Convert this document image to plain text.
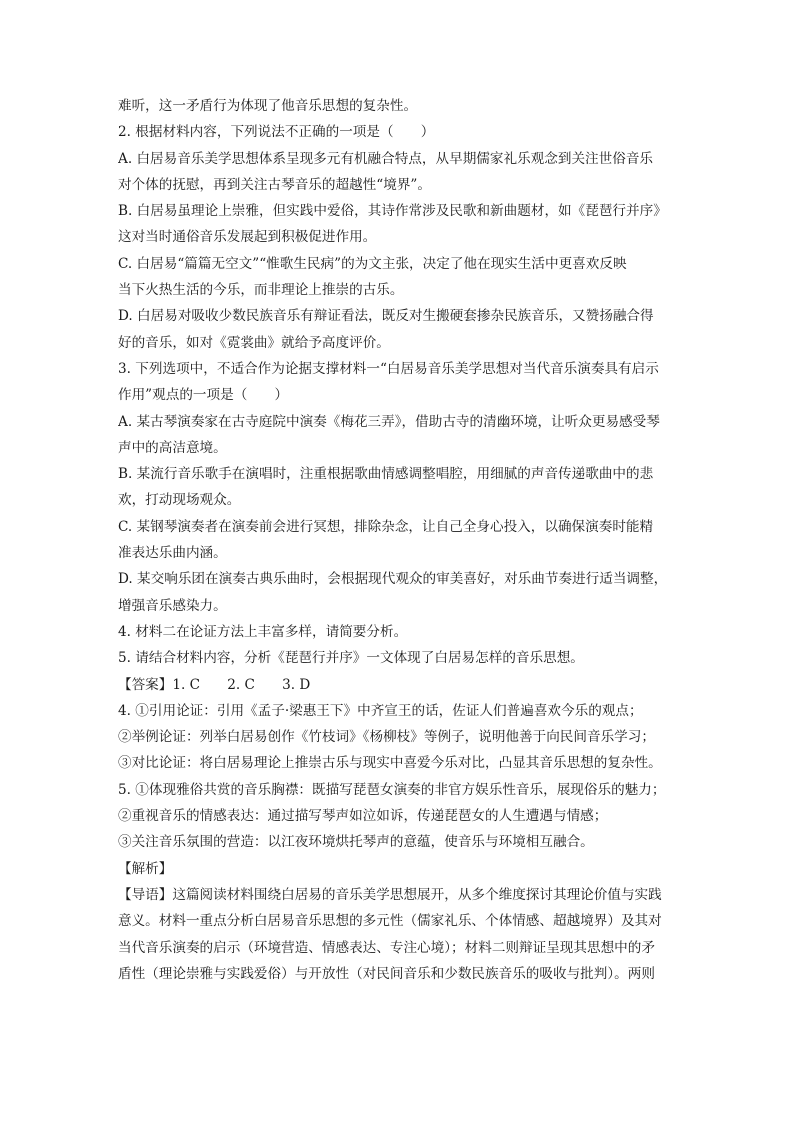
难听，这一矛盾行为体现了他音乐思想的复杂性。
2. 根据材料内容，下列说法不正确的一项是（　　）
A. 白居易音乐美学思想体系呈现多元有机融合特点，从早期儒家礼乐观念到关注世俗音乐
对个体的抚慰，再到关注古琴音乐的超越性“境界”。
B. 白居易虽理论上崇雅，但实践中爱俗，其诗作常涉及民歌和新曲题材，如《琵琶行并序》
这对当时通俗音乐发展起到积极促进作用。
C. 白居易“篇篇无空文”“惟歌生民病”的为文主张，决定了他在现实生活中更喜欢反映
当下火热生活的今乐，而非理论上推崇的古乐。
D. 白居易对吸收少数民族音乐有辩证看法，既反对生搬硬套掺杂民族音乐，又赞扬融合得
好的音乐，如对《霓裳曲》就给予高度评价。
3. 下列选项中，不适合作为论据支撑材料一“白居易音乐美学思想对当代音乐演奏具有启示
作用”观点的一项是（　　）
A. 某古琴演奏家在古寺庭院中演奏《梅花三弄》，借助古寺的清幽环境，让听众更易感受琴
声中的高洁意境。
B. 某流行音乐歌手在演唱时，注重根据歌曲情感调整唱腔，用细腻的声音传递歌曲中的悲
欢，打动现场观众。
C. 某钢琴演奏者在演奏前会进行冥想，排除杂念，让自己全身心投入，以确保演奏时能精
准表达乐曲内涵。
D. 某交响乐团在演奏古典乐曲时，会根据现代观众的审美喜好，对乐曲节奏进行适当调整，
增强音乐感染力。
4. 材料二在论证方法上丰富多样，请简要分析。
5. 请结合材料内容，分析《琵琶行并序》一文体现了白居易怎样的音乐思想。
【答案】1. C　　2. C　　3. D
4. ①引用论证：引用《孟子·梁惠王下》中齐宣王的话，佐证人们普遍喜欢今乐的观点；
②举例论证：列举白居易创作《竹枝词》《杨柳枝》等例子，说明他善于向民间音乐学习；
③对比论证：将白居易理论上推崇古乐与现实中喜爱今乐对比，凸显其音乐思想的复杂性。
5. ①体现雅俗共赏的音乐胸襟：既描写琵琶女演奏的非官方娱乐性音乐，展现俗乐的魅力；
②重视音乐的情感表达：通过描写琴声如泣如诉，传递琵琶女的人生遭遇与情感；
③关注音乐氛围的营造：以江夜环境烘托琴声的意蕴，使音乐与环境相互融合。
【解析】
【导语】这篇阅读材料围绕白居易的音乐美学思想展开，从多个维度探讨其理论价值与实践
意义。材料一重点分析白居易音乐思想的多元性（儒家礼乐、个体情感、超越境界）及其对
当代音乐演奏的启示（环境营造、情感表达、专注心境）；材料二则辩证呈现其思想中的矛
盾性（理论崇雅与实践爱俗）与开放性（对民间音乐和少数民族音乐的吸收与批判）。两则
